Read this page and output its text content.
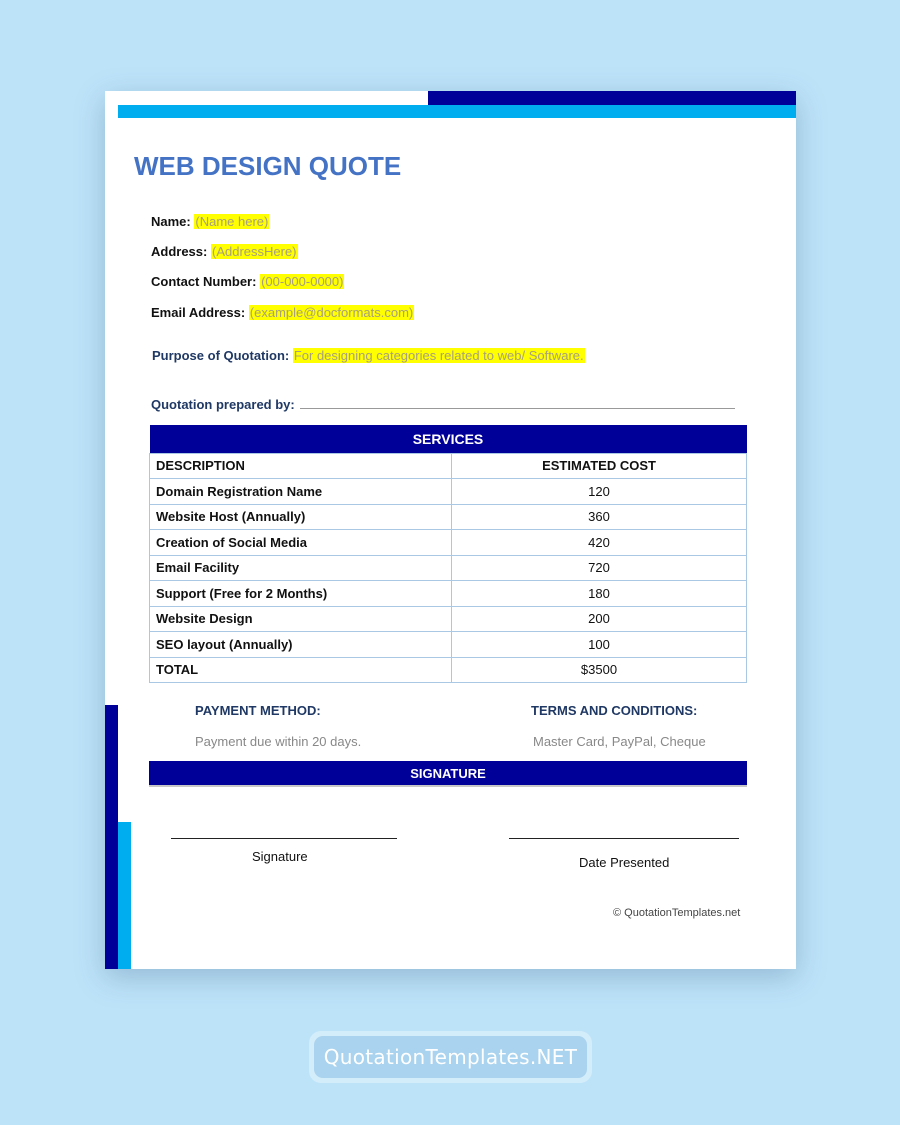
WEB DESIGN QUOTE
Name: (Name here)
Address: (AddressHere)
Contact Number: (00-000-0000)
Email Address: (example@docformats.com)
Purpose of Quotation: For designing categories related to web/ Software.
Quotation prepared by:
SERVICES	
DESCRIPTION	ESTIMATED COST
Domain Registration Name	120
Website Host (Annually)	360
Creation of Social Media	420
Email Facility	720
Support (Free for 2 Months)	180
Website Design	200
SEO layout (Annually)	100
TOTAL	$3500
PAYMENT METHOD:	TERMS AND CONDITIONS:
Payment due within 20 days.	Master Card, PayPal, Cheque
SIGNATURE
Signature	Date Presented
© QuotationTemplates.net
QuotationTemplates.NET
